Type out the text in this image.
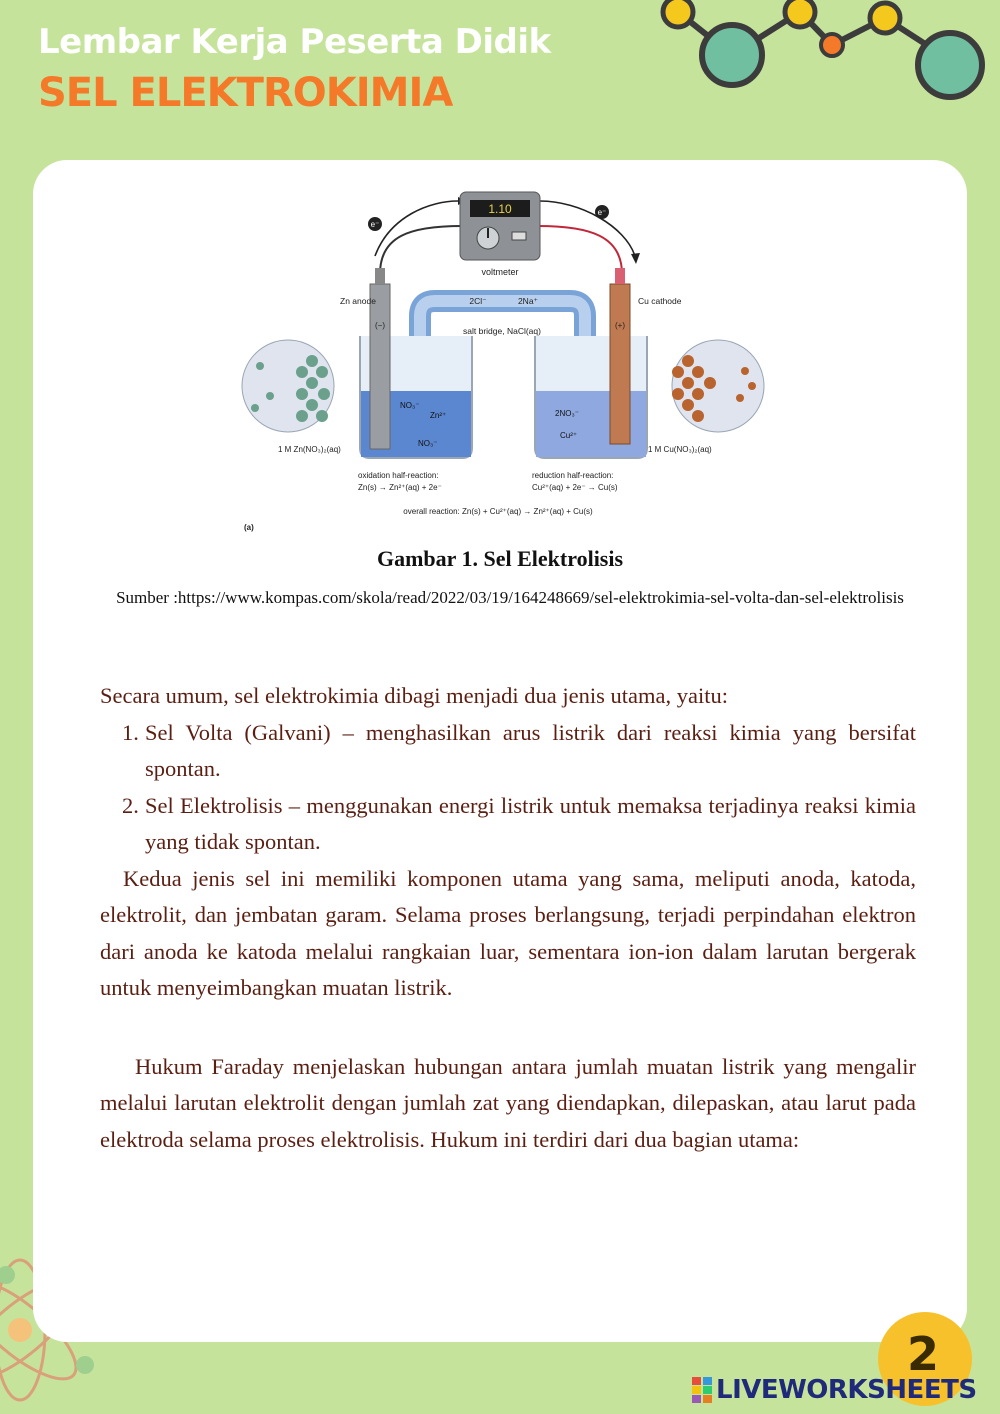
Lembar Kerja Peserta Didik
SEL ELEKTROKIMIA
e⁻
e⁻
1.10
voltmeter
2Cl⁻	2Na⁺
salt bridge, NaCl(aq)
(−)	(+)
Zn anode	Cu cathode
NO₃⁻
Zn²⁺
NO₃⁻
2NO₃⁻
Cu²⁺
1 M Zn(NO₃)₂(aq)	1 M Cu(NO₃)₂(aq)
oxidation half-reaction:
Zn(s) → Zn²⁺(aq) + 2e⁻
reduction half-reaction:
Cu²⁺(aq) + 2e⁻ → Cu(s)
overall reaction: Zn(s) + Cu²⁺(aq) → Zn²⁺(aq) + Cu(s)
(a)
Gambar 1. Sel Elektrolisis
Sumber :https://www.kompas.com/skola/read/2022/03/19/164248669/sel-elektrokimia-sel-volta-dan-sel-elektrolisis

Secara umum, sel elektrokimia dibagi menjadi dua jenis utama, yaitu:

1. Sel Volta (Galvani) – menghasilkan arus listrik dari reaksi kimia yang bersifat spontan.
2. Sel Elektrolisis – menggunakan energi listrik untuk memaksa terjadinya reaksi kimia yang tidak spontan.

Kedua jenis sel ini memiliki komponen utama yang sama, meliputi anoda, katoda, elektrolit, dan jembatan garam. Selama proses berlangsung, terjadi perpindahan elektron dari anoda ke katoda melalui rangkaian luar, sementara ion-ion dalam larutan bergerak untuk menyeimbangkan muatan listrik.

Hukum Faraday menjelaskan hubungan antara jumlah muatan listrik yang mengalir melalui larutan elektrolit dengan jumlah zat yang diendapkan, dilepaskan, atau larut pada elektroda selama proses elektrolisis. Hukum ini terdiri dari dua bagian utama:

2
LIVEWORKSHEETS
